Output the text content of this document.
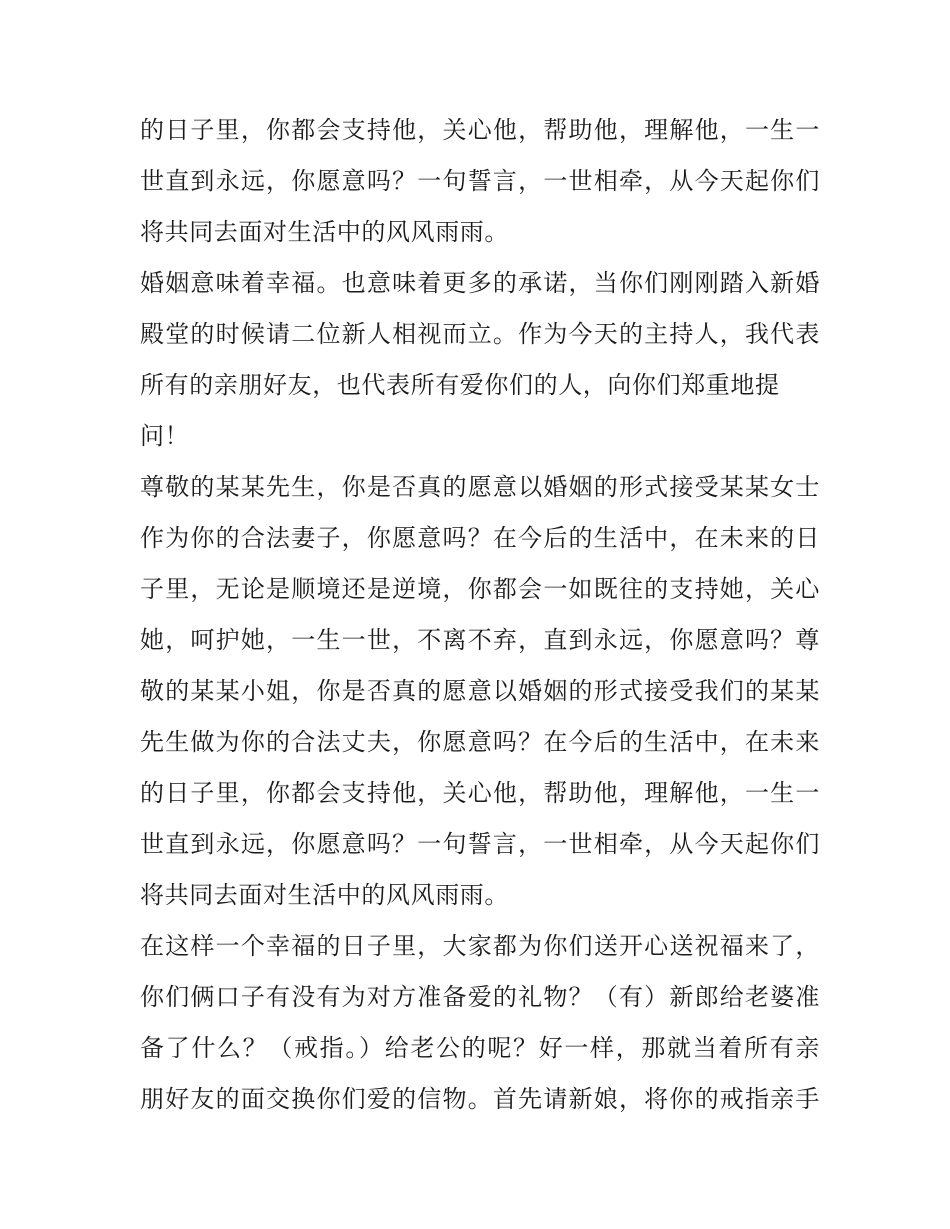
的日子里，你都会支持他，关心他，帮助他，理解他，一生一
世直到永远，你愿意吗？一句誓言，一世相牵，从今天起你们
将共同去面对生活中的风风雨雨。
婚姻意味着幸福。也意味着更多的承诺，当你们刚刚踏入新婚
殿堂的时候请二位新人相视而立。作为今天的主持人，我代表
所有的亲朋好友，也代表所有爱你们的人，向你们郑重地提
问！
尊敬的某某先生，你是否真的愿意以婚姻的形式接受某某女士
作为你的合法妻子，你愿意吗？在今后的生活中，在未来的日
子里，无论是顺境还是逆境，你都会一如既往的支持她，关心
她，呵护她，一生一世，不离不弃，直到永远，你愿意吗？尊
敬的某某小姐，你是否真的愿意以婚姻的形式接受我们的某某
先生做为你的合法丈夫，你愿意吗？在今后的生活中，在未来
的日子里，你都会支持他，关心他，帮助他，理解他，一生一
世直到永远，你愿意吗？一句誓言，一世相牵，从今天起你们
将共同去面对生活中的风风雨雨。
在这样一个幸福的日子里，大家都为你们送开心送祝福来了，
你们俩口子有没有为对方准备爱的礼物？（有）新郎给老婆准
备了什么？（戒指。）给老公的呢？好一样，那就当着所有亲
朋好友的面交换你们爱的信物。首先请新娘，将你的戒指亲手
